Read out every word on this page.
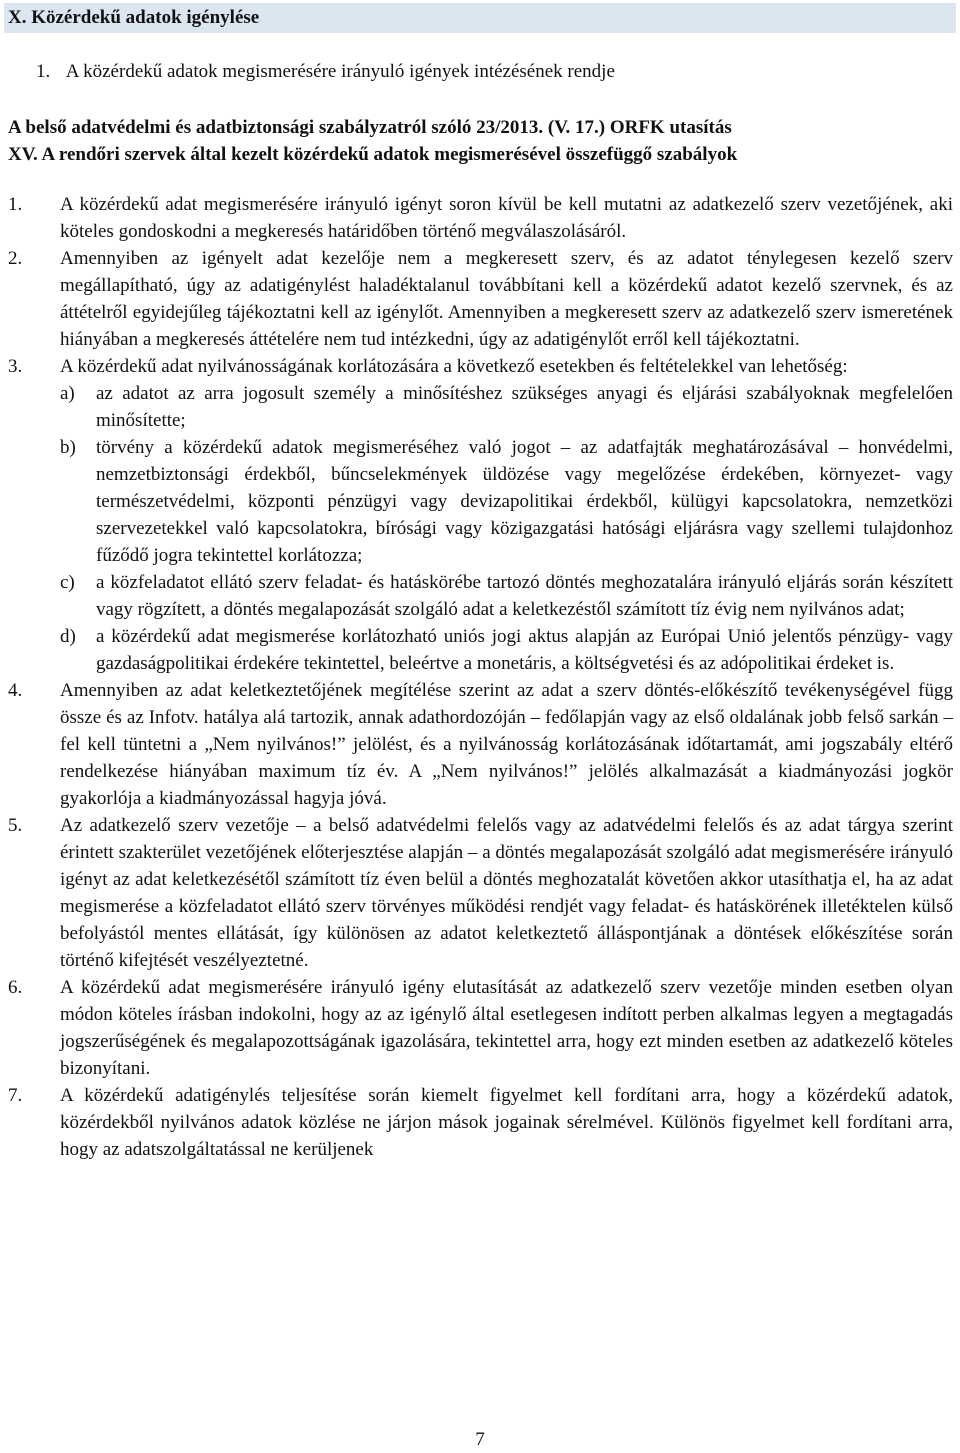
X. Közérdekű adatok igénylése
1. A közérdekű adatok megismerésére irányuló igények intézésének rendje
A belső adatvédelmi és adatbiztonsági szabályzatról szóló 23/2013. (V. 17.) ORFK utasítás
XV. A rendőri szervek által kezelt közérdekű adatok megismerésével összefüggő szabályok
1. A közérdekű adat megismerésére irányuló igényt soron kívül be kell mutatni az adatkezelő szerv vezetőjének, aki köteles gondoskodni a megkeresés határidőben történő megválaszolásáról.

2. Amennyiben az igényelt adat kezelője nem a megkeresett szerv, és az adatot ténylegesen kezelő szerv megállapítható, úgy az adatigénylést haladéktalanul továbbítani kell a közérdekű adatot kezelő szervnek, és az áttételről egyidejűleg tájékoztatni kell az igénylőt. Amennyiben a megkeresett szerv az adatkezelő szerv ismeretének hiányában a megkeresés áttételére nem tud intézkedni, úgy az adatigénylőt erről kell tájékoztatni.

3. A közérdekű adat nyilvánosságának korlátozására a következő esetekben és feltételekkel van lehetőség:

a) az adatot az arra jogosult személy a minősítéshez szükséges anyagi és eljárási szabályoknak megfelelően minősítette;
b) törvény a közérdekű adatok megismeréséhez való jogot – az adatfajták meghatározásával – honvédelmi, nemzetbiztonsági érdekből, bűncselekmények üldözése vagy megelőzése érdekében, környezet- vagy természetvédelmi, központi pénzügyi vagy devizapolitikai érdekből, külügyi kapcsolatokra, nemzetközi szervezetekkel való kapcsolatokra, bírósági vagy közigazgatási hatósági eljárásra vagy szellemi tulajdonhoz fűződő jogra tekintettel korlátozza;
c) a közfeladatot ellátó szerv feladat- és hatáskörébe tartozó döntés meghozatalára irányuló eljárás során készített vagy rögzített, a döntés megalapozását szolgáló adat a keletkezéstől számított tíz évig nem nyilvános adat;
d) a közérdekű adat megismerése korlátozható uniós jogi aktus alapján az Európai Unió jelentős pénzügy- vagy gazdaságpolitikai érdekére tekintettel, beleértve a monetáris, a költségvetési és az adópolitikai érdeket is.
4. Amennyiben az adat keletkeztetőjének megítélése szerint az adat a szerv döntés-előkészítő tevékenységével függ össze és az Infotv. hatálya alá tartozik, annak adathordozóján – fedőlapján vagy az első oldalának jobb felső sarkán – fel kell tüntetni a „Nem nyilvános!” jelölést, és a nyilvánosság korlátozásának időtartamát, ami jogszabály eltérő rendelkezése hiányában maximum tíz év. A „Nem nyilvános!” jelölés alkalmazását a kiadmányozási jogkör gyakorlója a kiadmányozással hagyja jóvá.

5. Az adatkezelő szerv vezetője – a belső adatvédelmi felelős vagy az adatvédelmi felelős és az adat tárgya szerint érintett szakterület vezetőjének előterjesztése alapján – a döntés megalapozását szolgáló adat megismerésére irányuló igényt az adat keletkezésétől számított tíz éven belül a döntés meghozatalát követően akkor utasíthatja el, ha az adat megismerése a közfeladatot ellátó szerv törvényes működési rendjét vagy feladat- és hatáskörének illetéktelen külső befolyástól mentes ellátását, így különösen az adatot keletkeztető álláspontjának a döntések előkészítése során történő kifejtését veszélyeztetné.

6. A közérdekű adat megismerésére irányuló igény elutasítását az adatkezelő szerv vezetője minden esetben olyan módon köteles írásban indokolni, hogy az az igénylő által esetlegesen indított perben alkalmas legyen a megtagadás jogszerűségének és megalapozottságának igazolására, tekintettel arra, hogy ezt minden esetben az adatkezelő köteles bizonyítani.

7. A közérdekű adatigénylés teljesítése során kiemelt figyelmet kell fordítani arra, hogy a közérdekű adatok, közérdekből nyilvános adatok közlése ne járjon mások jogainak sérelmével. Különös figyelmet kell fordítani arra, hogy az adatszolgáltatással ne kerüljenek

7
